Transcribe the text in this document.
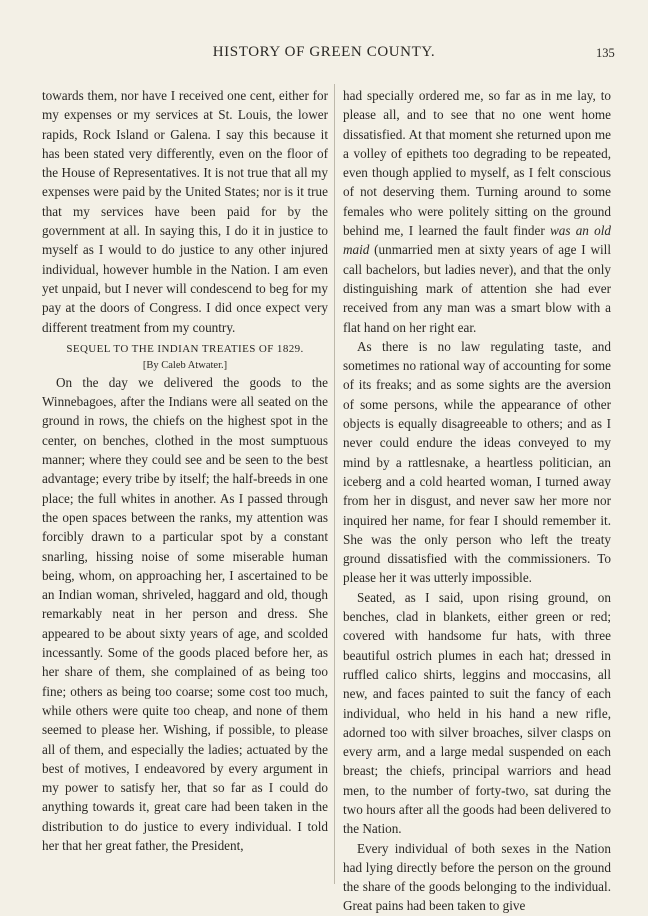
HISTORY OF GREEN COUNTY.	135

towards them, nor have I received one cent, either for my expenses or my services at St. Louis, the lower rapids, Rock Island or Galena. I say this because it has been stated very differently, even on the floor of the House of Representatives. It is not true that all my expenses were paid by the United States; nor is it true that my services have been paid for by the government at all. In saying this, I do it in justice to myself as I would to do justice to any other injured individual, however humble in the Nation. I am even yet unpaid, but I never will condescend to beg for my pay at the doors of Congress. I did once expect very different treatment from my country.

SEQUEL TO THE INDIAN TREATIES OF 1829.
[By Caleb Atwater.]

On the day we delivered the goods to the Winnebagoes, after the Indians were all seated on the ground in rows, the chiefs on the highest spot in the center, on benches, clothed in the most sumptuous manner; where they could see and be seen to the best advantage; every tribe by itself; the half-breeds in one place; the full whites in another. As I passed through the open spaces between the ranks, my attention was forcibly drawn to a particular spot by a constant snarling, hissing noise of some miserable human being, whom, on approaching her, I ascertained to be an Indian woman, shriveled, haggard and old, though remarkably neat in her person and dress. She appeared to be about sixty years of age, and scolded incessantly. Some of the goods placed before her, as her share of them, she complained of as being too fine; others as being too coarse; some cost too much, while others were quite too cheap, and none of them seemed to please her. Wishing, if possible, to please all of them, and especially the ladies; actuated by the best of motives, I endeavored by every argument in my power to satisfy her, that so far as I could do anything towards it, great care had been taken in the distribution to do justice to every individual. I told her that her great father, the President,

had specially ordered me, so far as in me lay, to please all, and to see that no one went home dissatisfied. At that moment she returned upon me a volley of epithets too degrading to be repeated, even though applied to myself, as I felt conscious of not deserving them. Turning around to some females who were politely sitting on the ground behind me, I learned the fault finder was an old maid (unmarried men at sixty years of age I will call bachelors, but ladies never), and that the only distinguishing mark of attention she had ever received from any man was a smart blow with a flat hand on her right ear.

As there is no law regulating taste, and sometimes no rational way of accounting for some of its freaks; and as some sights are the aversion of some persons, while the appearance of other objects is equally disagreeable to others; and as I never could endure the ideas conveyed to my mind by a rattlesnake, a heartless politician, an iceberg and a cold hearted woman, I turned away from her in disgust, and never saw her more nor inquired her name, for fear I should remember it. She was the only person who left the treaty ground dissatisfied with the commissioners. To please her it was utterly impossible.

Seated, as I said, upon rising ground, on benches, clad in blankets, either green or red; covered with handsome fur hats, with three beautiful ostrich plumes in each hat; dressed in ruffled calico shirts, leggins and moccasins, all new, and faces painted to suit the fancy of each individual, who held in his hand a new rifle, adorned too with silver broaches, silver clasps on every arm, and a large medal suspended on each breast; the chiefs, principal warriors and head men, to the number of forty-two, sat during the two hours after all the goods had been delivered to the Nation.

Every individual of both sexes in the Nation had lying directly before the person on the ground the share of the goods belonging to the individual. Great pains had been taken to give
